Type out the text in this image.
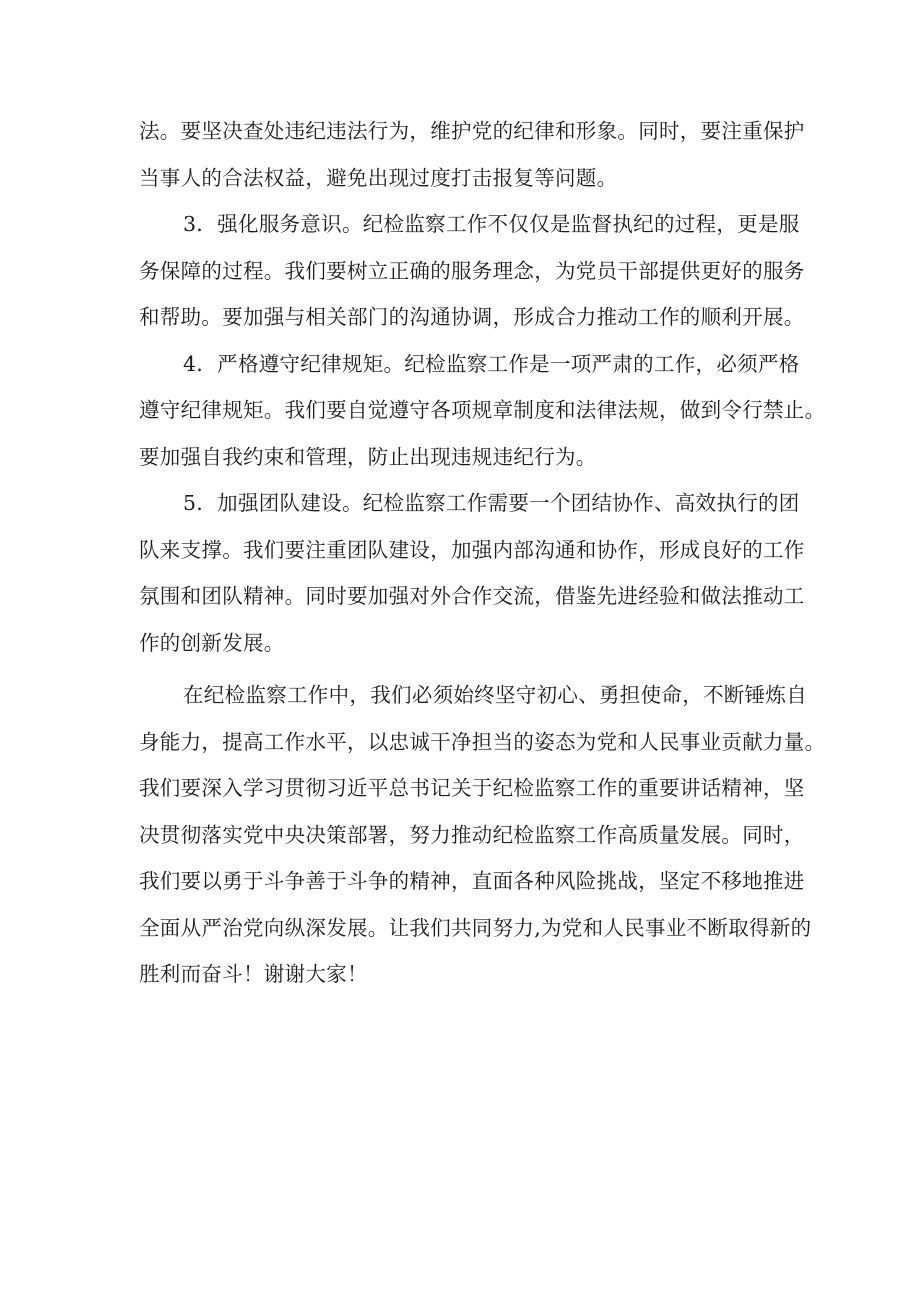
法。要坚决查处违纪违法行为，维护党的纪律和形象。同时，要注重保护
当事人的合法权益，避免出现过度打击报复等问题。
3．强化服务意识。纪检监察工作不仅仅是监督执纪的过程，更是服
务保障的过程。我们要树立正确的服务理念，为党员干部提供更好的服务
和帮助。要加强与相关部门的沟通协调，形成合力推动工作的顺利开展。
4．严格遵守纪律规矩。纪检监察工作是一项严肃的工作，必须严格
遵守纪律规矩。我们要自觉遵守各项规章制度和法律法规，做到令行禁止。
要加强自我约束和管理，防止出现违规违纪行为。
5．加强团队建设。纪检监察工作需要一个团结协作、高效执行的团
队来支撑。我们要注重团队建设，加强内部沟通和协作，形成良好的工作
氛围和团队精神。同时要加强对外合作交流，借鉴先进经验和做法推动工
作的创新发展。
在纪检监察工作中，我们必须始终坚守初心、勇担使命，不断锤炼自
身能力，提高工作水平，以忠诚干净担当的姿态为党和人民事业贡献力量。
我们要深入学习贯彻习近平总书记关于纪检监察工作的重要讲话精神，坚
决贯彻落实党中央决策部署，努力推动纪检监察工作高质量发展。同时，
我们要以勇于斗争善于斗争的精神，直面各种风险挑战，坚定不移地推进
全面从严治党向纵深发展。让我们共同努力,为党和人民事业不断取得新的
胜利而奋斗！谢谢大家！
